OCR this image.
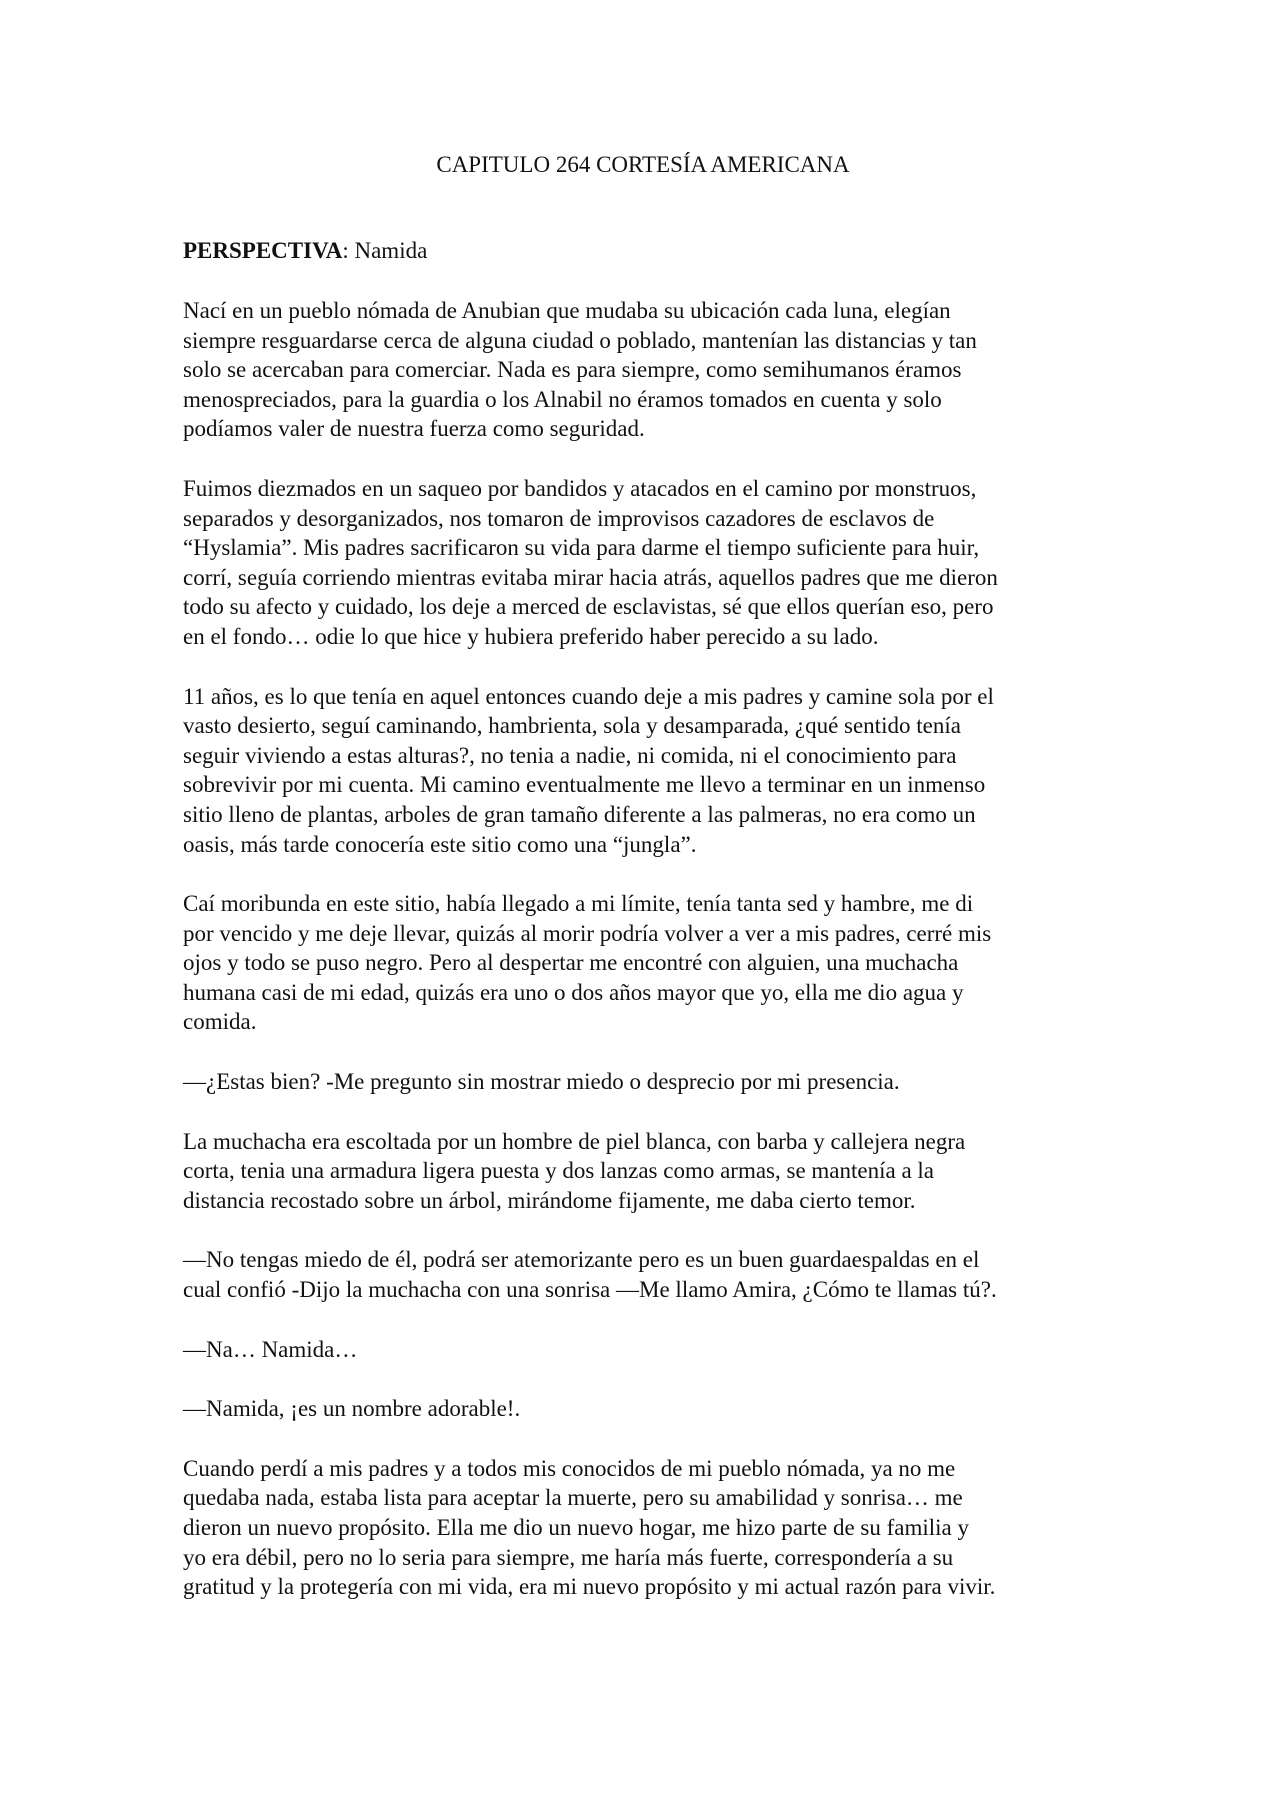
CAPITULO 264 CORTESÍA AMERICANA

PERSPECTIVA: Namida

Nací en un pueblo nómada de Anubian que mudaba su ubicación cada luna, elegían
siempre resguardarse cerca de alguna ciudad o poblado, mantenían las distancias y tan
solo se acercaban para comerciar. Nada es para siempre, como semihumanos éramos
menospreciados, para la guardia o los Alnabil no éramos tomados en cuenta y solo
podíamos valer de nuestra fuerza como seguridad.

Fuimos diezmados en un saqueo por bandidos y atacados en el camino por monstruos,
separados y desorganizados, nos tomaron de improvisos cazadores de esclavos de
“Hyslamia”. Mis padres sacrificaron su vida para darme el tiempo suficiente para huir,
corrí, seguía corriendo mientras evitaba mirar hacia atrás, aquellos padres que me dieron
todo su afecto y cuidado, los deje a merced de esclavistas, sé que ellos querían eso, pero
en el fondo… odie lo que hice y hubiera preferido haber perecido a su lado.

11 años, es lo que tenía en aquel entonces cuando deje a mis padres y camine sola por el
vasto desierto, seguí caminando, hambrienta, sola y desamparada, ¿qué sentido tenía
seguir viviendo a estas alturas?, no tenia a nadie, ni comida, ni el conocimiento para
sobrevivir por mi cuenta. Mi camino eventualmente me llevo a terminar en un inmenso
sitio lleno de plantas, arboles de gran tamaño diferente a las palmeras, no era como un
oasis, más tarde conocería este sitio como una “jungla”.

Caí moribunda en este sitio, había llegado a mi límite, tenía tanta sed y hambre, me di
por vencido y me deje llevar, quizás al morir podría volver a ver a mis padres, cerré mis
ojos y todo se puso negro. Pero al despertar me encontré con alguien, una muchacha
humana casi de mi edad, quizás era uno o dos años mayor que yo, ella me dio agua y
comida.

—¿Estas bien? -Me pregunto sin mostrar miedo o desprecio por mi presencia.

La muchacha era escoltada por un hombre de piel blanca, con barba y callejera negra
corta, tenia una armadura ligera puesta y dos lanzas como armas, se mantenía a la
distancia recostado sobre un árbol, mirándome fijamente, me daba cierto temor.

—No tengas miedo de él, podrá ser atemorizante pero es un buen guardaespaldas en el
cual confió -Dijo la muchacha con una sonrisa —Me llamo Amira, ¿Cómo te llamas tú?.

—Na… Namida…

—Namida, ¡es un nombre adorable!.

Cuando perdí a mis padres y a todos mis conocidos de mi pueblo nómada, ya no me
quedaba nada, estaba lista para aceptar la muerte, pero su amabilidad y sonrisa… me
dieron un nuevo propósito. Ella me dio un nuevo hogar, me hizo parte de su familia y
yo era débil, pero no lo seria para siempre, me haría más fuerte, correspondería a su
gratitud y la protegería con mi vida, era mi nuevo propósito y mi actual razón para vivir.
